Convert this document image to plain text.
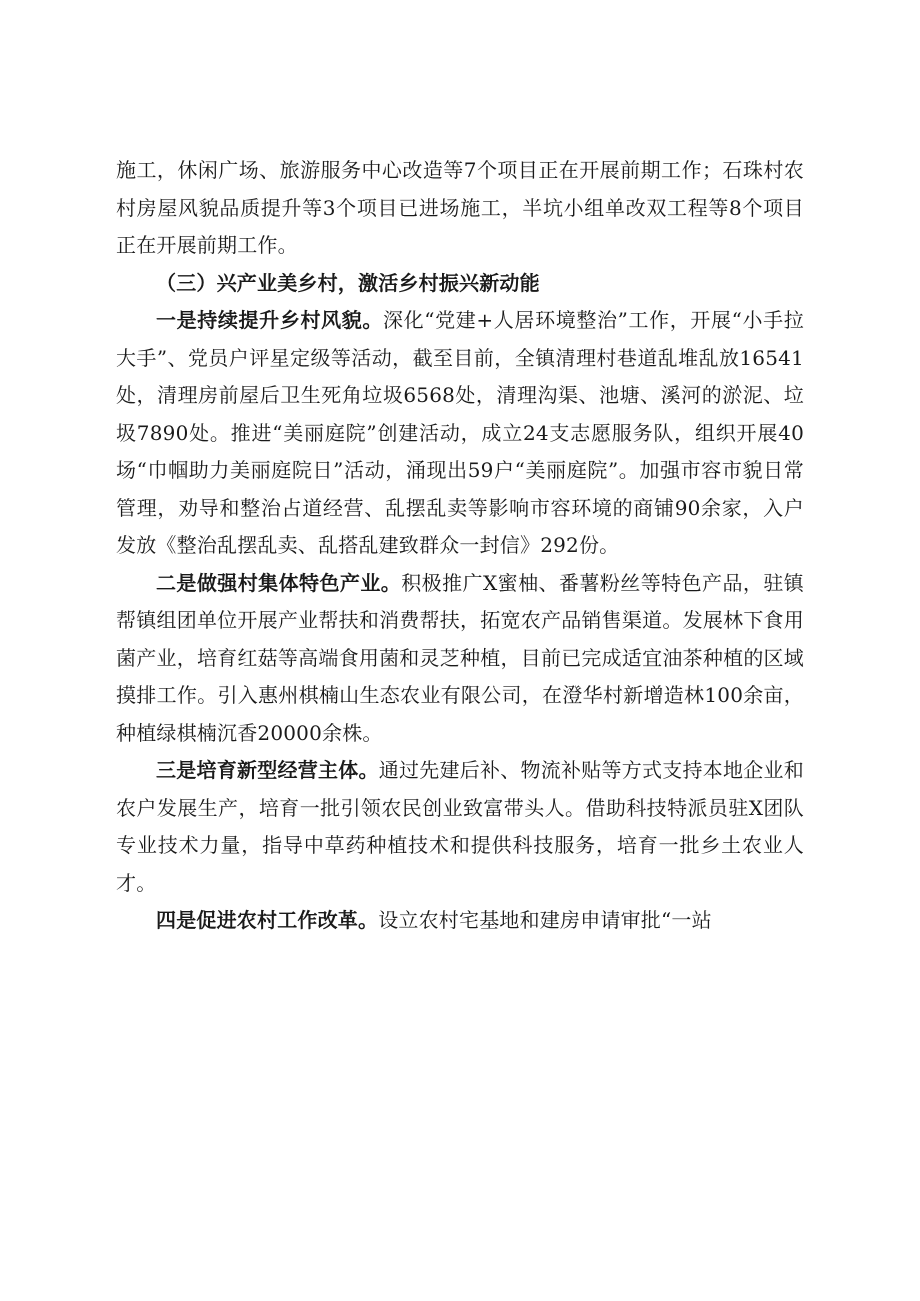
施工，休闲广场、旅游服务中心改造等7个项目正在开展前期工作；石珠村农村房屋风貌品质提升等3个项目已进场施工，半坑小组单改双工程等8个项目正在开展前期工作。

（三）兴产业美乡村，激活乡村振兴新动能

一是持续提升乡村风貌。深化“党建+人居环境整治”工作，开展“小手拉大手”、党员户评星定级等活动，截至目前，全镇清理村巷道乱堆乱放16541处，清理房前屋后卫生死角垃圾6568处，清理沟渠、池塘、溪河的淤泥、垃圾7890处。推进“美丽庭院”创建活动，成立24支志愿服务队，组织开展40场“巾帼助力美丽庭院日”活动，涌现出59户“美丽庭院”。加强市容市貌日常管理，劝导和整治占道经营、乱摆乱卖等影响市容环境的商铺90余家，入户发放《整治乱摆乱卖、乱搭乱建致群众一封信》292份。

二是做强村集体特色产业。积极推广X蜜柚、番薯粉丝等特色产品，驻镇帮镇组团单位开展产业帮扶和消费帮扶，拓宽农产品销售渠道。发展林下食用菌产业，培育红菇等高端食用菌和灵芝种植，目前已完成适宜油茶种植的区域摸排工作。引入惠州棋楠山生态农业有限公司，在澄华村新增造林100余亩，种植绿棋楠沉香20000余株。

三是培育新型经营主体。通过先建后补、物流补贴等方式支持本地企业和农户发展生产，培育一批引领农民创业致富带头人。借助科技特派员驻X团队专业技术力量，指导中草药种植技术和提供科技服务，培育一批乡土农业人才。

四是促进农村工作改革。设立农村宅基地和建房申请审批“一站
